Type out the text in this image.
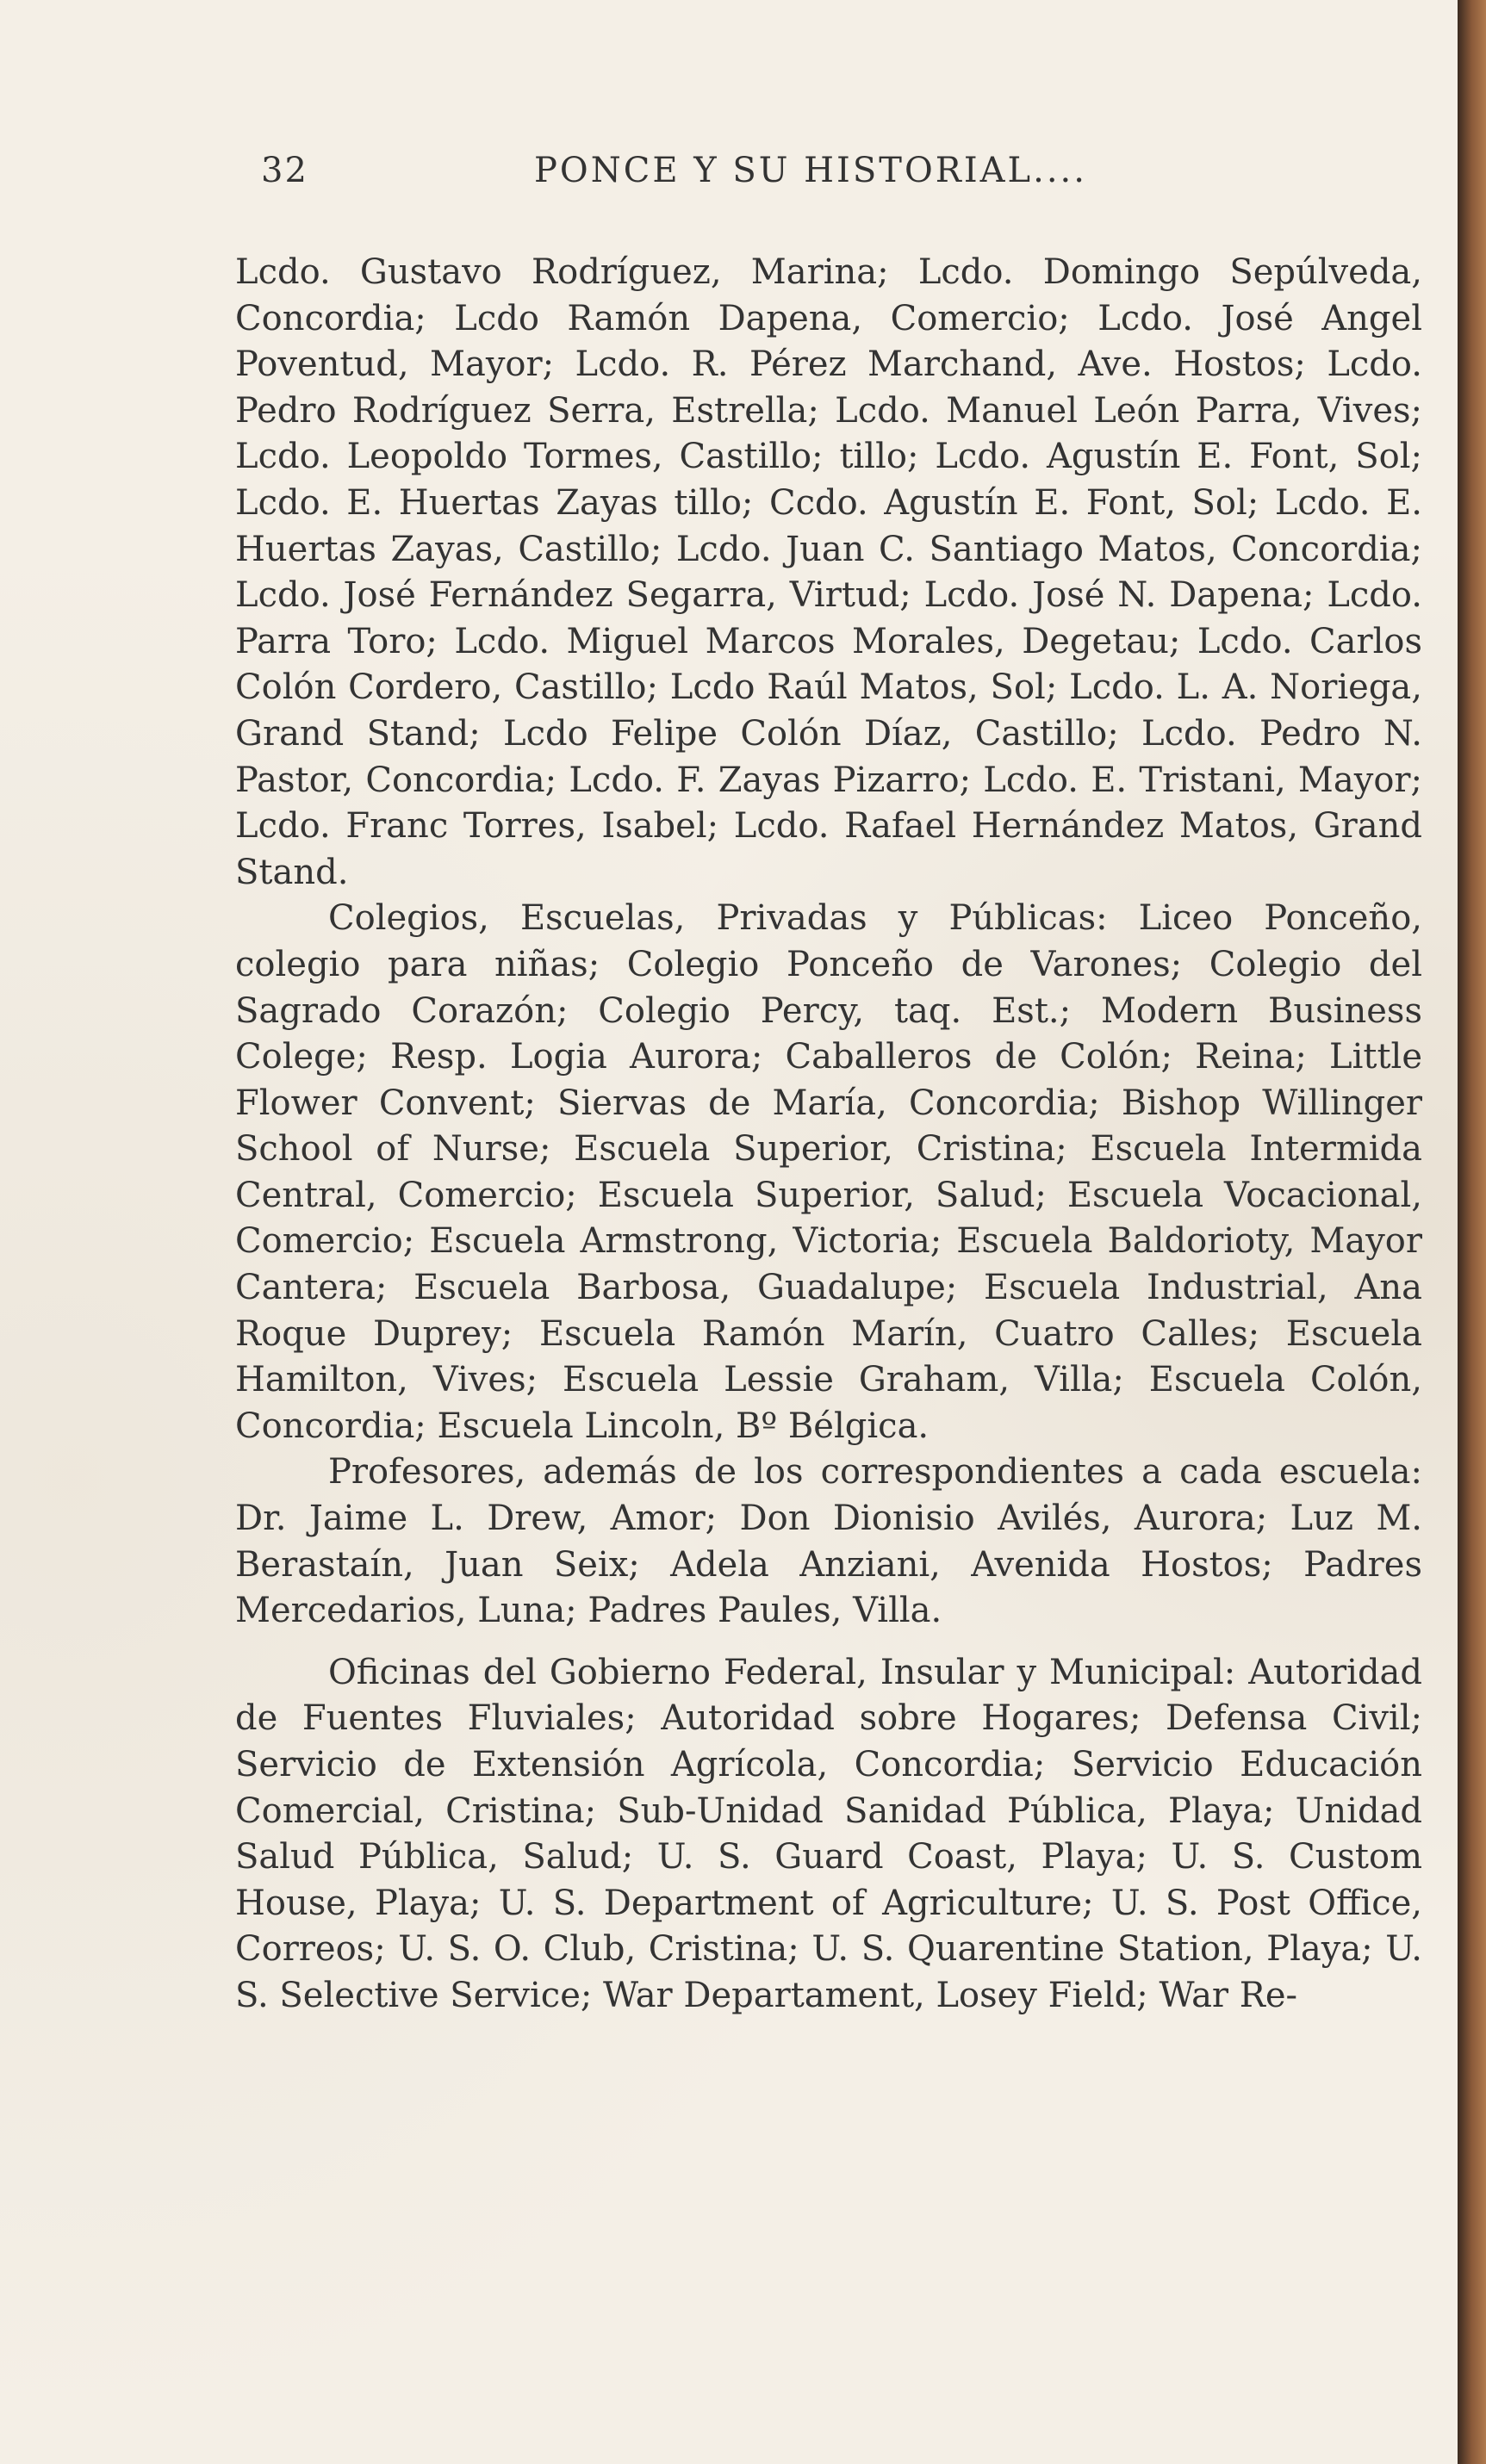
32	PONCE Y SU HISTORIAL....

Lcdo. Gustavo Rodríguez, Marina; Lcdo. Domingo Sepúlveda, Concordia; Lcdo Ramón Dapena, Comercio; Lcdo. José Angel Poventud, Mayor; Lcdo. R. Pérez Marchand, Ave. Hostos; Lcdo. Pedro Rodríguez Serra, Estrella; Lcdo. Manuel León Parra, Vives; Lcdo. Leopoldo Tormes, Castillo; tillo; Lcdo. Agustín E. Font, Sol; Lcdo. E. Huertas Zayas tillo; Ccdo. Agustín E. Font, Sol; Lcdo. E. Huertas Zayas, Castillo; Lcdo. Juan C. Santiago Matos, Concordia; Lcdo. José Fernández Segarra, Virtud; Lcdo. José N. Dapena; Lcdo. Parra Toro; Lcdo. Miguel Marcos Morales, Degetau; Lcdo. Carlos Colón Cordero, Castillo; Lcdo Raúl Matos, Sol; Lcdo. L. A. Noriega, Grand Stand; Lcdo Felipe Colón Díaz, Castillo; Lcdo. Pedro N. Pastor, Concordia; Lcdo. F. Zayas Pizarro; Lcdo. E. Tristani, Mayor; Lcdo. Franc Torres, Isabel; Lcdo. Rafael Hernández Matos, Grand Stand.

Colegios, Escuelas, Privadas y Públicas: Liceo Ponceño, colegio para niñas; Colegio Ponceño de Varones; Colegio del Sagrado Corazón; Colegio Percy, taq. Est.; Modern Business Colege; Resp. Logia Aurora; Caballeros de Colón; Reina; Little Flower Convent; Siervas de María, Concordia; Bishop Willinger School of Nurse; Escuela Superior, Cristina; Escuela Intermida Central, Comercio; Escuela Superior, Salud; Escuela Vocacional, Comercio; Escuela Armstrong, Victoria; Escuela Baldorioty, Mayor Cantera; Escuela Barbosa, Guadalupe; Escuela Industrial, Ana Roque Duprey; Escuela Ramón Marín, Cuatro Calles; Escuela Hamilton, Vives; Escuela Lessie Graham, Villa; Escuela Colón, Concordia; Escuela Lincoln, Bº Bélgica.

Profesores, además de los correspondientes a cada escuela: Dr. Jaime L. Drew, Amor; Don Dionisio Avilés, Aurora; Luz M. Berastaín, Juan Seix; Adela Anziani, Avenida Hostos; Padres Mercedarios, Luna; Padres Paules, Villa.

Oficinas del Gobierno Federal, Insular y Municipal: Autoridad de Fuentes Fluviales; Autoridad sobre Hogares; Defensa Civil; Servicio de Extensión Agrícola, Concordia; Servicio Educación Comercial, Cristina; Sub-Unidad Sanidad Pública, Playa; Unidad Salud Pública, Salud; U. S. Guard Coast, Playa; U. S. Custom House, Playa; U. S. Department of Agriculture; U. S. Post Office, Correos; U. S. O. Club, Cristina; U. S. Quarentine Station, Playa; U. S. Selective Service; War Departament, Losey Field; War Re-
